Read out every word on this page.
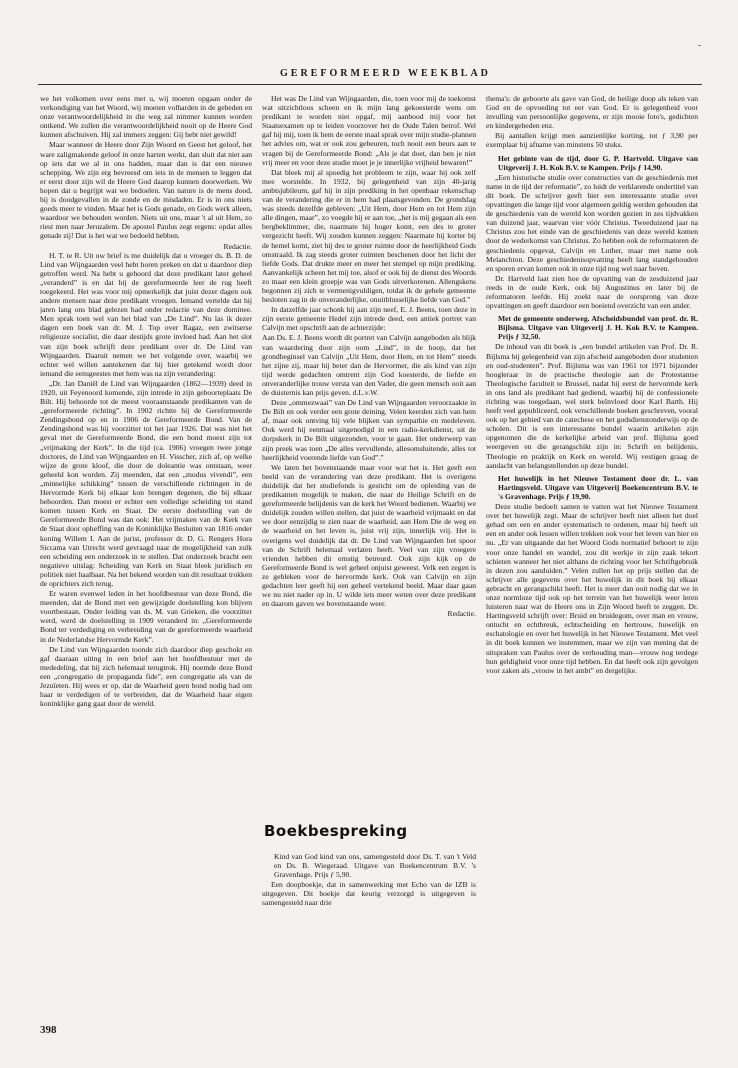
-
GEREFORMEERD WEEKBLAD

we het volkomen over eens met u, wij moeten opgaan onder de verkondiging van het Woord, wij moeten volharden in de gebeden en onze verantwoordelijkheid in die weg zal nimmer kunnen worden ontkend. We zullen die verantwoordelijkheid nooit op de Heere God kunnen afschuiven. Hij zal immers zeggen: Gij hebt niet gewild!

Maar wanneer de Heere door Zijn Woord en Geest het geloof, het ware zaligmakende geloof in onze harten werkt, dan sluit dat niet aan op iets dat we al in ons hadden, maar dan is dat een nieuwe schepping. We zijn erg bevreesd om iets in de mensen te leggen dat er eerst door zijn wil de Heere God daarop kunnen doorwerken. We hopen dat u begrijpt wat we bedoelen. Van nature is de mens dood, hij is doodgevallen in de zonde en de misdaden. Er is in ons niets goeds meer te vinden. Maar het is Gods genade, en Gods werk alleen, waardoor we behouden worden. Niets uit ons, maar 't al uit Hem, zo riest men naar Jeruzalem. De apostel Paulus zegt ergens: opdat alles genade zij! Dat is het wat we bedoeld hebben.

Redactie.

H. T. te R. Uit uw brief is me duidelijk dat u vroeger ds. B. D. de Lind van Wijngaarden veel hebt horen preken en dat u daardoor diep getroffen werd. Na hebt u gehoord dat deze predikant later geheel „veranderd” is en dat hij de gereformeerde leer de rug heeft toegekeerd. Het was voor mij opmerkelijk dat juist dezer dagen ook andere mensen naar deze predikant vroegen. Iemand vertelde dat hij jaren lang ons blad gelezen had onder redactie van deze dominee. Men sprak toen wel van het blad van „De Lind”. Nu las ik dezer dagen een boek van dr. M. J. Top over Ragaz, een zwitserse religieuze socialist, die daar destijds grote invloed had. Aan het slot van zijn boek schrijft deze predikant over dr. De Lind van Wijngaarden. Daaruit nemen we het volgende over, waarbij we echter wel willen aantekenen dat hij hier getekend wordt door iemand die eensgeestes met hem was na zijn verandering:

„Dr. Jan Daniël de Lind van Wijngaarden (1862—1939) deed in 1920, uit Feyenoord komende, zijn intrede in zijn geboorteplaats De Bilt. Hij behoorde tot de meest vooraanstaande predikanten van de „gereformeerde richting”. In 1902 richtte hij de Gereformeerde Zendingsbond op en in 1906 de Gereformeerde Bond. Van de Zendingsbond was hij voorzitter tot het jaar 1926. Dat was niet het geval met de Gereformeerde Bond, die een bond moest zijn tot „vrijmaking der Kerk”. In die tijd (ca. 1906) vroegen twee jonge doctores, de Lind van Wijngaarden en H. Visscher, zich af, op welke wijze de grote kloof, die door de doleantie was ontstaan, weer geheeld kon worden. Zij meenden, dat een „modus vivendi”, een „minnelijke schikking” tussen de verschillende richtingen in de Hervormde Kerk bij elkaar kon brengen degenen, die bij elkaar behoorden. Dan moest er echter een volledige scheiding tot stand komen tussen Kerk en Staat. De eerste doelstelling van de Gereformeerde Bond was dan ook: Het vrijmaken van de Kerk van de Staat door opheffing van de Koninklijke Besluiten van 1816 onder koning Willem I. Aan de jurist, professor dr. D. G. Rengers Hora Siccama van Utrecht werd gevraagd naar de mogelijkheid van zulk een scheiding een onderzoek in te stellen. Dat onderzoek bracht een negatieve uitslag: Scheiding van Kerk en Staat bleek juridisch en politiek niet haalbaar. Na het bekend worden van dit resultaat trokken de oprichters zich terug.

Er waren evenwel leden in het hoofdbestuur van deze Bond, die meenden, dat de Bond met een gewijzigde doelstelling kon blijven voortbestaan. Onder leiding van ds. M. van Grieken, die voorzitter werd, werd de doelstelling in 1909 veranderd in: „Gereformeerde Bond ter verdediging en verbreiding van de gereformeerde waarheid in de Nederlandse Hervormde Kerk”.

De Lind van Wijngaarden toonde zich daardoor diep geschokt en gaf daaraan uiting in een brief aan het hoofdbestuur met de mededeling, dat hij zich helemaal terugtrok. Hij noemde deze Bond een „congregatio de propaganda fide”, een congregatie als van de Jezuïeten. Hij wees er op, dat de Waarheid geen bond nodig had om haar te verdedigen of te verbreiden, dat de Waarheid haar eigen koninklijke gang gaat door de wereld.

Het was De Lind van Wijngaarden, die, toen voor mij de toekomst wat uitzichtloos scheen en ik mijn lang gekoesterde wens om predikant te worden niet opgaf, mij aanbood mij voor het Staatsexamen op te leiden voorzover het de Oude Talen betrof. Wel gaf hij mij, toen ik hem de eerste maal sprak over mijn studie-plannen het advies om, wat er ook zou gebeuren, toch nooit een beurs aan te vragen bij de Gereformeerde Bond: „Als je dat doet, dan ben je niet vrij meer en voor deze studie moet je je innerlijke vrijheid bewaren!”

Dat bleek mij al spoedig het probleem te zijn, waar hij ook zelf mee worstelde. In 1932, bij gelegenheid van zijn 40-jarig ambtsjubileum, gaf hij in zijn prediking in het openbaar rekenschap van de verandering die er in hem had plaatsgevonden. De grondslag was steeds dezelfde gebleven: „Uit Hem, door Hem en tot Hem zijn alle dingen, maar”, zo voegde hij er aan toe, „het is mij gegaan als een bergbeklimmer, die, naarmate hij hoger komt, een des te groter vergezicht heeft. Wij zouden kunnen zeggen: Naarmate hij korter bij de hemel komt, ziet hij des te groter ruimte door de heerlijkheid Gods omstraald. Ik zag steeds groter ruimten beschenen door het licht der liefde Gods. Dat drukte meer en meer het stempel op mijn prediking. Aanvankelijk scheen het mij toe, alsof er ook bij de dienst des Woords zo maar een klein groepje was van Gods uitverkorenen. Allengskens begonnen zij zich te vermenigvuldigen, totdat ik de gehele gemeente besloten zag in de onveranderlijke, onuitblusselijke liefde van God.”

In datzelfde jaar schonk hij aan zijn neef, E. J. Beens, toen deze in zijn eerste gemeente Hedel zijn intrede deed, een antiek portret van Calvijn met opschrift aan de achterzijde:

Aan Ds. E. J. Beens wordt dit portret van Calvijn aangeboden als blijk van waardering door zijn oom „Lind”, in de hoop, dat het grondbeginsel van Calvijn „Uit Hem, door Hem, en tot Hem” steeds het zijne zij, maar hij beter dan de Hervormer, die als kind van zijn tijd werde gedachten omtrent zijn God koesterde, de liefde en onveranderlijke trouw versta van den Vader, die geen mensch ooit aan de duisternis kan prijs geven. d.L.v.W.

Deze „ommezwaai” van De Lind van Wijngaarden veroorzaakte in De Bilt en ook verder een grote deining. Velen keerden zich van hem af, maar ook ontving hij vele blijken van sympathie en medeleven. Ook werd hij eenmaal uitgenodigd in een radio-kerkdienst, uit de dorpskerk in De Bilt uitgezonden, voor te gaan. Het onderwerp van zijn preek was toen „De alles vervullende, allesomsluitende, alles tot heerlijkheid voerende liefde van God”.”

We laten het bovenstaande maar voor wat het is. Het geeft een beeld van de verandering van deze predikant. Het is overigens duidelijk dat het studiefonds is gesticht om de opleiding van de predikanten mogelijk te maken, die naar de Heilige Schrift en de gereformeerde belijdenis van de kerk het Woord bedienen. Waarbij we duidelijk zouden willen stellen, dat juist de waarheid vrijmaakt en dat we door eenzijdig te zien naar de waarheid, aan Hem Die de weg en de waarheid en het leven is, juist vrij zijn, innerlijk vrij. Het is overigens wel duidelijk dat dr. De Lind van Wijngaarden het spoor van de Schrift helemaal verlaten heeft. Veel van zijn vroegere vrienden hebben dit ernstig betreurd. Ook zijn kijk op de Gereformeerde Bond is wel geheel onjuist geweest. Velk een zegen is ze gebleken voor de hervormde kerk. Ook van Calvijn en zijn gedachten leer geeft hij een geheel vertekend beeld. Maar daar gaan we nu niet nader op in. U wilde iets meer weten over deze predikant en daarom gaven we bovenstaande weer.

Redactie.
Boekbespreking

Kind van God kind van ons, samengesteld door Ds. T. van 't Veld en Ds. B. Wiegeraad. Uitgave van Boekencentrum B.V. 's Gravenhage. Prijs ƒ 5,90.

Een doopboekje, dat in samenwerking met Echo van de IZB is uitgegeven. Dit boekje dat keurig verzorgd is uitgegeven is samengesteld naar drie

thema's: de geboorte als gave van God, de heilige doop als teken van God en de opvoeding tot eer van God. Er is gelegenheid voor invulling van persoonlijke gegevens, er zijn mooie foto's, gedichten en kindergebeden enz.

Bij aantallen krijgt men aanzienlijke korting, tot ƒ 3,90 per exemplaar bij afname van minstens 50 stuks.

Het gebinte van de tijd, door G. P. Hartveld. Uitgave van Uitgeverij J. H. Kok B.V. te Kampen. Prijs ƒ 14,90.

„Een historische studie over constructies van de geschiedenis met name in de tijd der reformatie”, zo luidt de verklarende ondertitel van dit boek. De schrijver geeft hier een interessante studie over opvattingen die lange tijd voor algemeen geldig werden gehouden dat de geschiedenis van de wereld kon worden gezien in zes tijdvakken van duizend jaar, waarvan vier vóór Christus. Tweeduizend jaar na Christus zou het einde van de geschiedenis van deze wereld komen door de wederkomst van Christus. Zo hebben ook de reformatoren de geschiedenis opgevat, Calvijn en Luther, maar met name ook Melanchton. Deze geschiedenisopvatting heeft lang standgehouden en sporen ervan komen ook in onze tijd nog wel naar boven.

Dr. Hartveld laat zien hoe de opvatting van de zesduizend jaar reeds in de oude Kerk, ook bij Augustinus en later bij de reformatoren leefde. Hij zoekt naar de oorsprong van deze opvattingen en geeft daardoor een boeiend overzicht van een ander.

Met de gemeente onderweg. Afscheidsbundel van prof. dr. R. Bijlsma. Uitgave van Uitgeverij J. H. Kok B.V. te Kampen. Prijs ƒ 32,50.

De inhoud van dit boek is „een bundel artikelen van Prof. Dr. R. Bijlsma bij gelegenheid van zijn afscheid aangeboden door studenten en oud-studenten”. Prof. Bijlsma was van 1961 tot 1971 bijzonder hoogleraar in de practische theologie aan de Protestantse Theologische faculteit te Brussel, nadat hij eerst de hervormde kerk in ons land als predikant had gediend, waarbij hij de confessionele richting was toegedaan, wel sterk beïnvloed door Karl Barth. Hij heeft veel gepubliceerd, ook verschillende boeken geschreven, vooral ook op het gebied van de catechese en het godsdienstonderwijs op de scholen. Dit is een interessante bundel waarin artikelen zijn opgenomen die de kerkelijke arbeid van prof. Bijlsma goed weergeven en die gerangschikt zijn in: Schrift en belijdenis, Theologie en praktijk en Kerk en wereld. Wij vestigen graag de aandacht van belangstellenden op deze bundel.

Het huwelijk in het Nieuwe Testament door dr. L. van Hartingsveld. Uitgave van Uitgeverij Boekencentrum B.V. te 's Gravenhage. Prijs ƒ 19,90.

Deze studie bedoelt samen te vatten wat het Nieuwe Testament over het huwelijk zegt. Maar de schrijver heeft niet alleen het doel gehad om een en ander systematisch te ordenen, maar hij heeft uit een en ander ook lessen willen trekken ook voor het leven van hier en nu. „Er van uitgaande dat het Woord Gods normatief behoort te zijn voor onze handel en wandel, zou dit werkje in zijn zaak tekort schieten wanneer het niet althans de richting voor het Schriftgebruik in dezen zou aanduiden.” Velen zullen het op prijs stellen dat de schrijver alle gegevens over het huwelijk in dit boek bij elkaar gebracht en gerangschikt heeft. Het is meer dan ooit nodig dat we in onze normloze tijd ook op het terrein van het huwelijk weer leren luisteren naar wat de Heere ons in Zijn Woord heeft te zeggen. Dr. Hartingsveld schrijft over: Bruid en bruidegom, over man en vrouw, ontucht en echtbreuk, echtscheiding en hertrouw, huwelijk en eschatologie en over het huwelijk in het Nieuwe Testament. Met veel in dit boek kunnen we instemmen, maar we zijn van mening dat de uitspraken van Paulus over de verhouding man—vrouw nog terdege hun geldigheid voor onze tijd hebben. En dat heeft ook zijn gevolgen voor zaken als „vrouw in het ambt” en dergelijke.

398
